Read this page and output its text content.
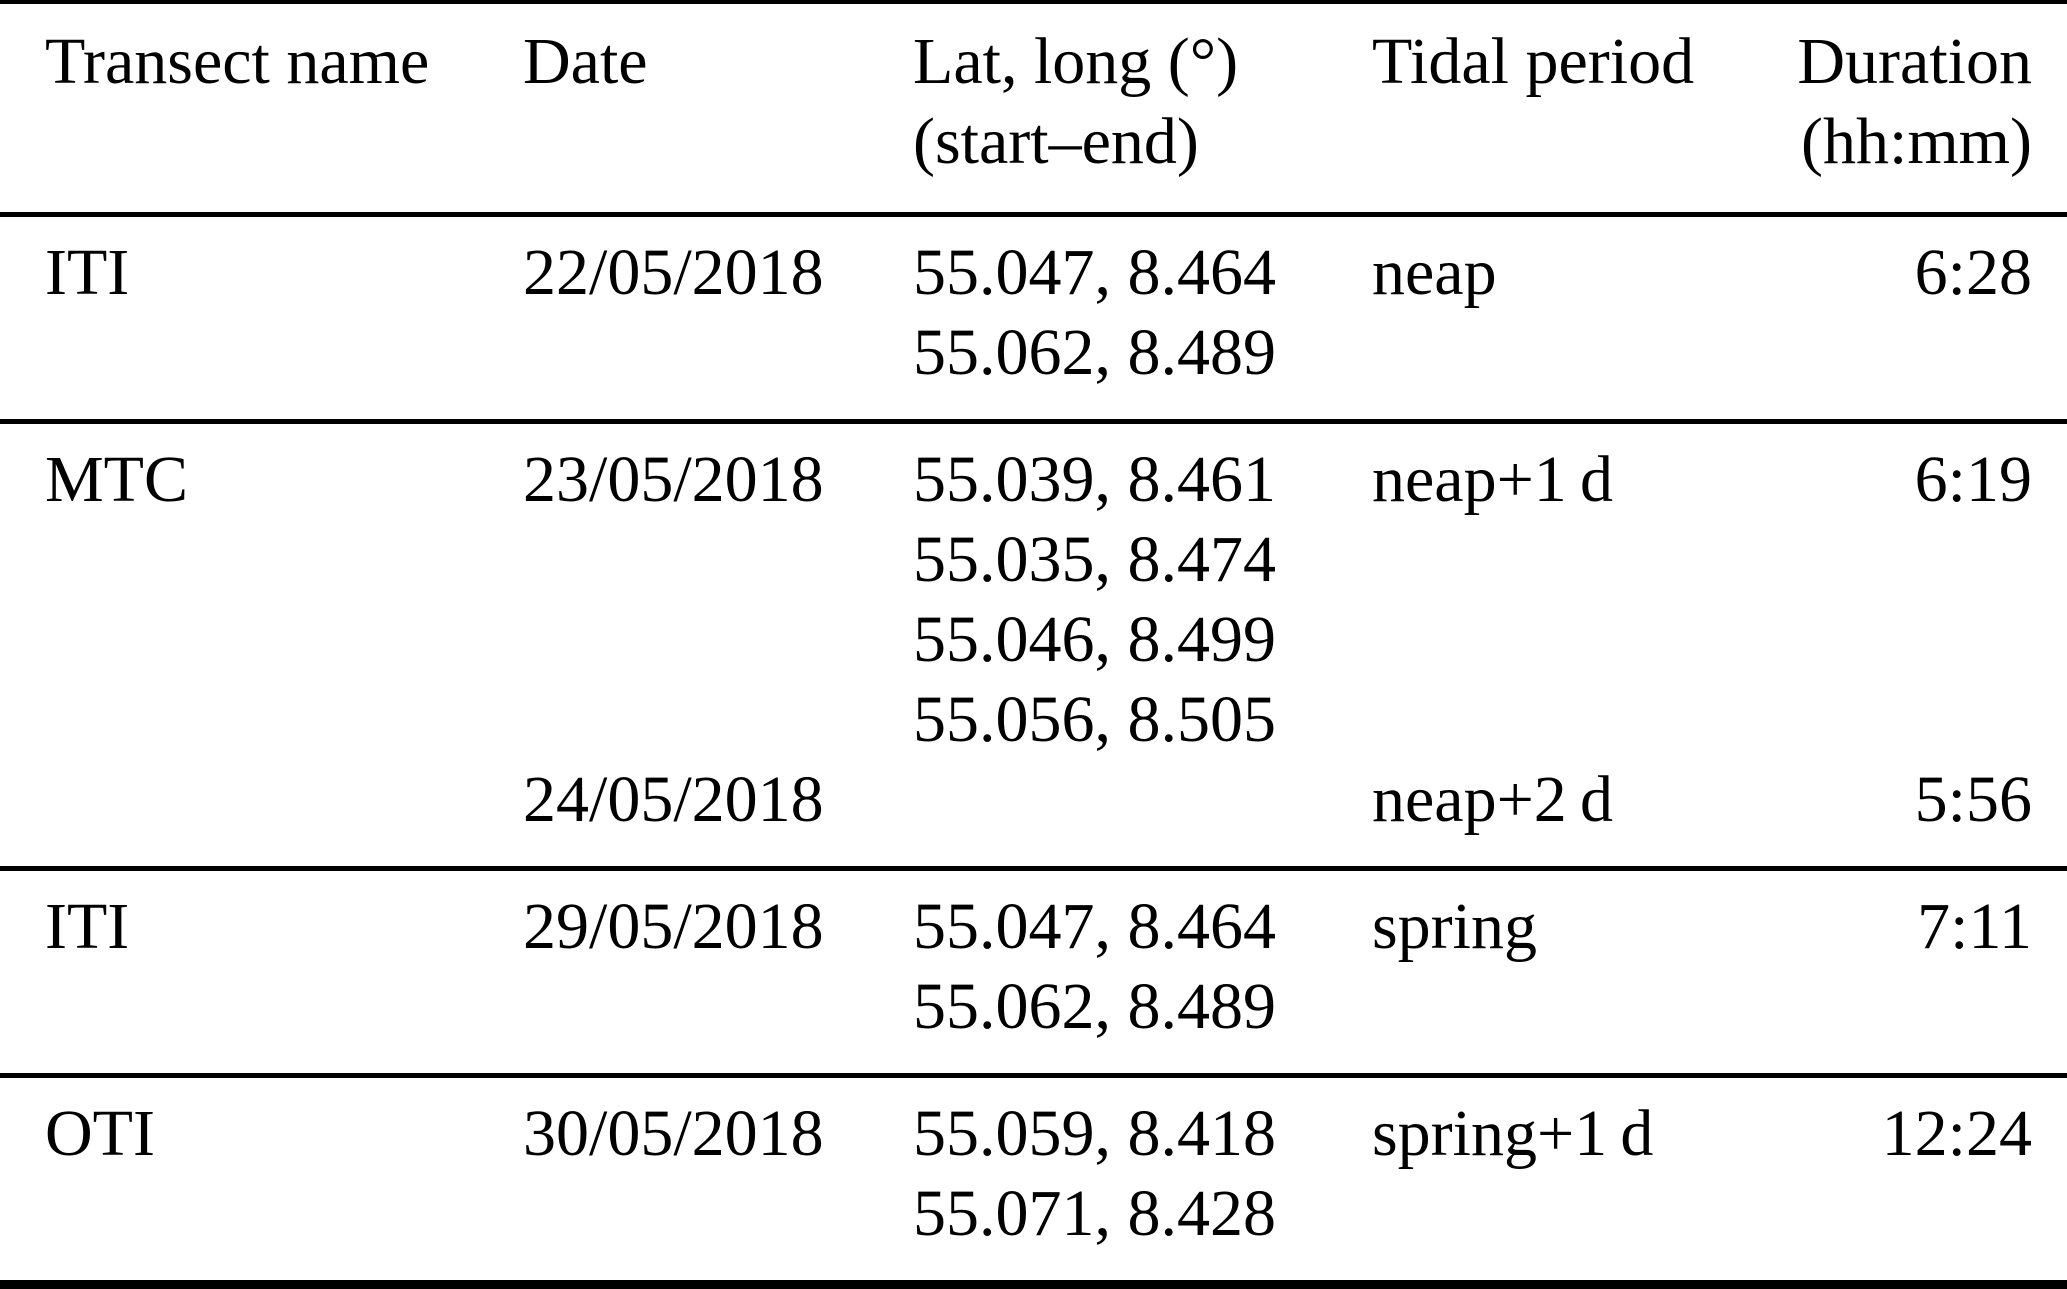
Transect name	Date	Lat, long (°)	Tidal period	Duration
(start–end)	(hh:mm)
ITI	22/05/2018	55.047, 8.464	neap	6:28
55.062, 8.489
MTC	23/05/2018	55.039, 8.461	neap+1 d	6:19
55.035, 8.474
55.046, 8.499
55.056, 8.505
24/05/2018	neap+2 d	5:56
ITI	29/05/2018	55.047, 8.464	spring	7:11
55.062, 8.489
OTI	30/05/2018	55.059, 8.418	spring+1 d	12:24
55.071, 8.428
